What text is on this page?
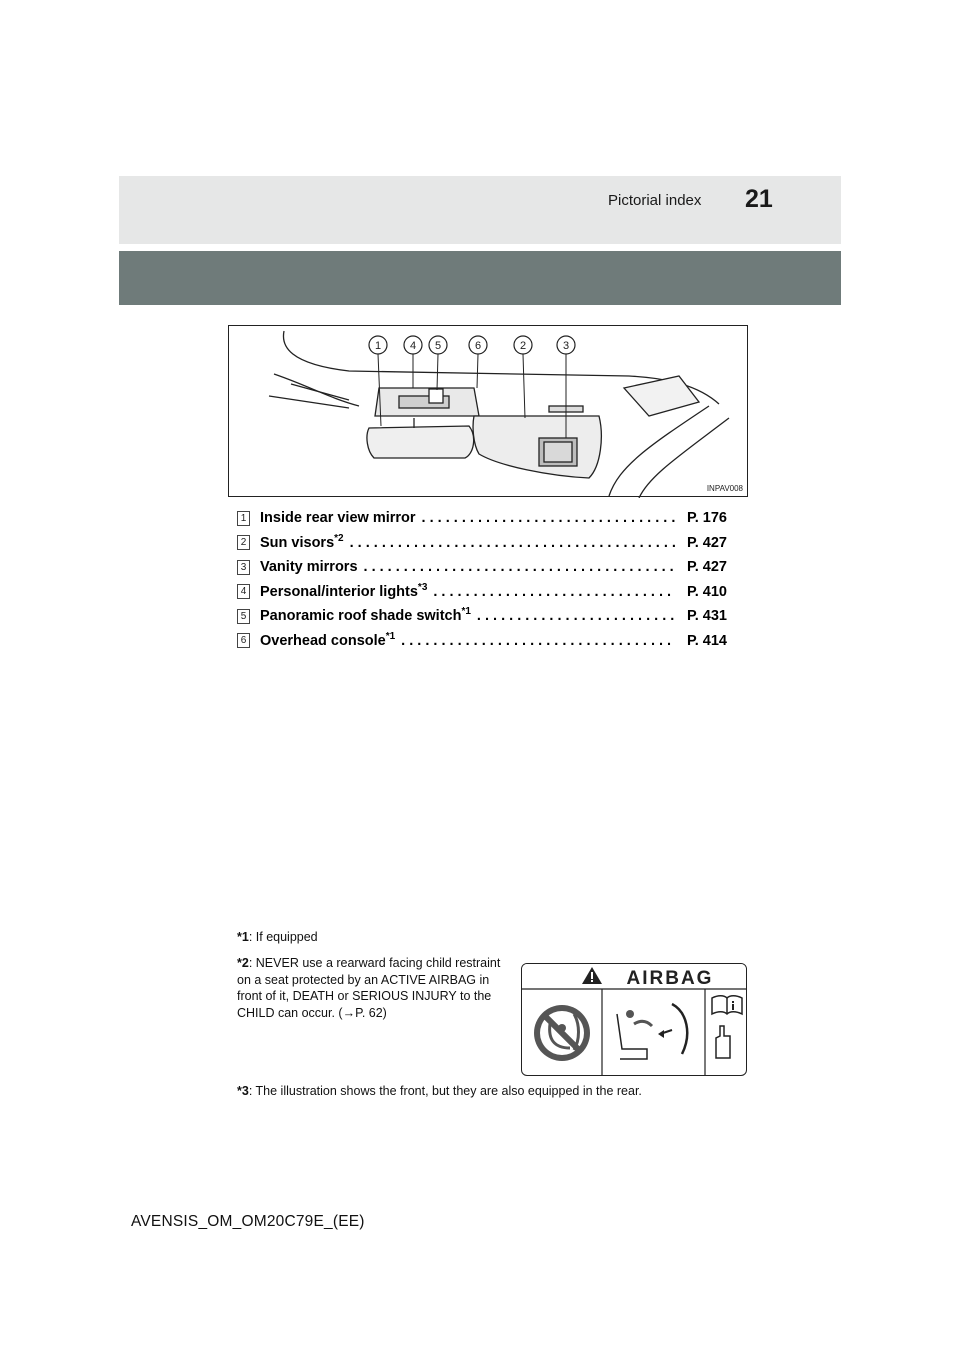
Pictorial index 21
1	4 5	6	2	3
INPAV008
1 Inside rear view mirror . . .	P. 176
2 Sun visors$^{*2}$ . . .	P. 427
3 Vanity mirrors . . .	P. 427
4 Personal/interior lights$^{*3}$ . . .	P. 410
5 Panoramic roof shade switch$^{*1}$ . . .	P. 431
6 Overhead console$^{*1}$ . . .	P. 414
*1: If equipped
*2: NEVER use a rearward facing child restraint on a seat protected by an ACTIVE AIRBAG in front of it, DEATH or SERIOUS INJURY to the CHILD can occur. (→P. 62)
AIRBAG
*3: The illustration shows the front, but they are also equipped in the rear.
AVENSIS_OM_OM20C79E_(EE)
